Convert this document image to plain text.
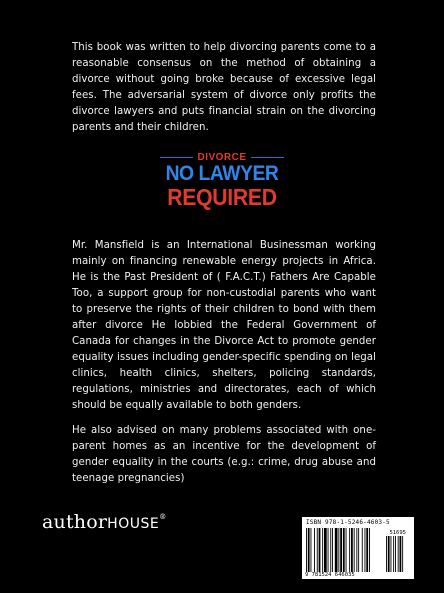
This book was written to help divorcing parents come to a reasonable consensus on the method of obtaining a divorce without going broke because of excessive legal fees. The adversarial system of divorce only profits the divorce lawyers and puts financial strain on the divorcing parents and their children.

DIVORCE
NO LAWYER
REQUIRED

Mr. Mansfield is an International Businessman working mainly on financing renewable energy projects in Africa. He is the Past President of ( F.A.C.T.) Fathers Are Capable Too, a support group for non-custodial parents who want to preserve the rights of their children to bond with them after divorce He lobbied the Federal Government of Canada for changes in the Divorce Act to promote gender equality issues including gender-specific spending on legal clinics, health clinics, shelters, policing standards, regulations, ministries and directorates, each of which should be equally available to both genders.

He also advised on many problems associated with one-parent homes as an incentive for the development of gender equality in the courts (e.g.: crime, drug abuse and teenage pregnancies)

authorHOUSE®
ISBN 978-1-5246-4603-5
51695
9 781524 646035
